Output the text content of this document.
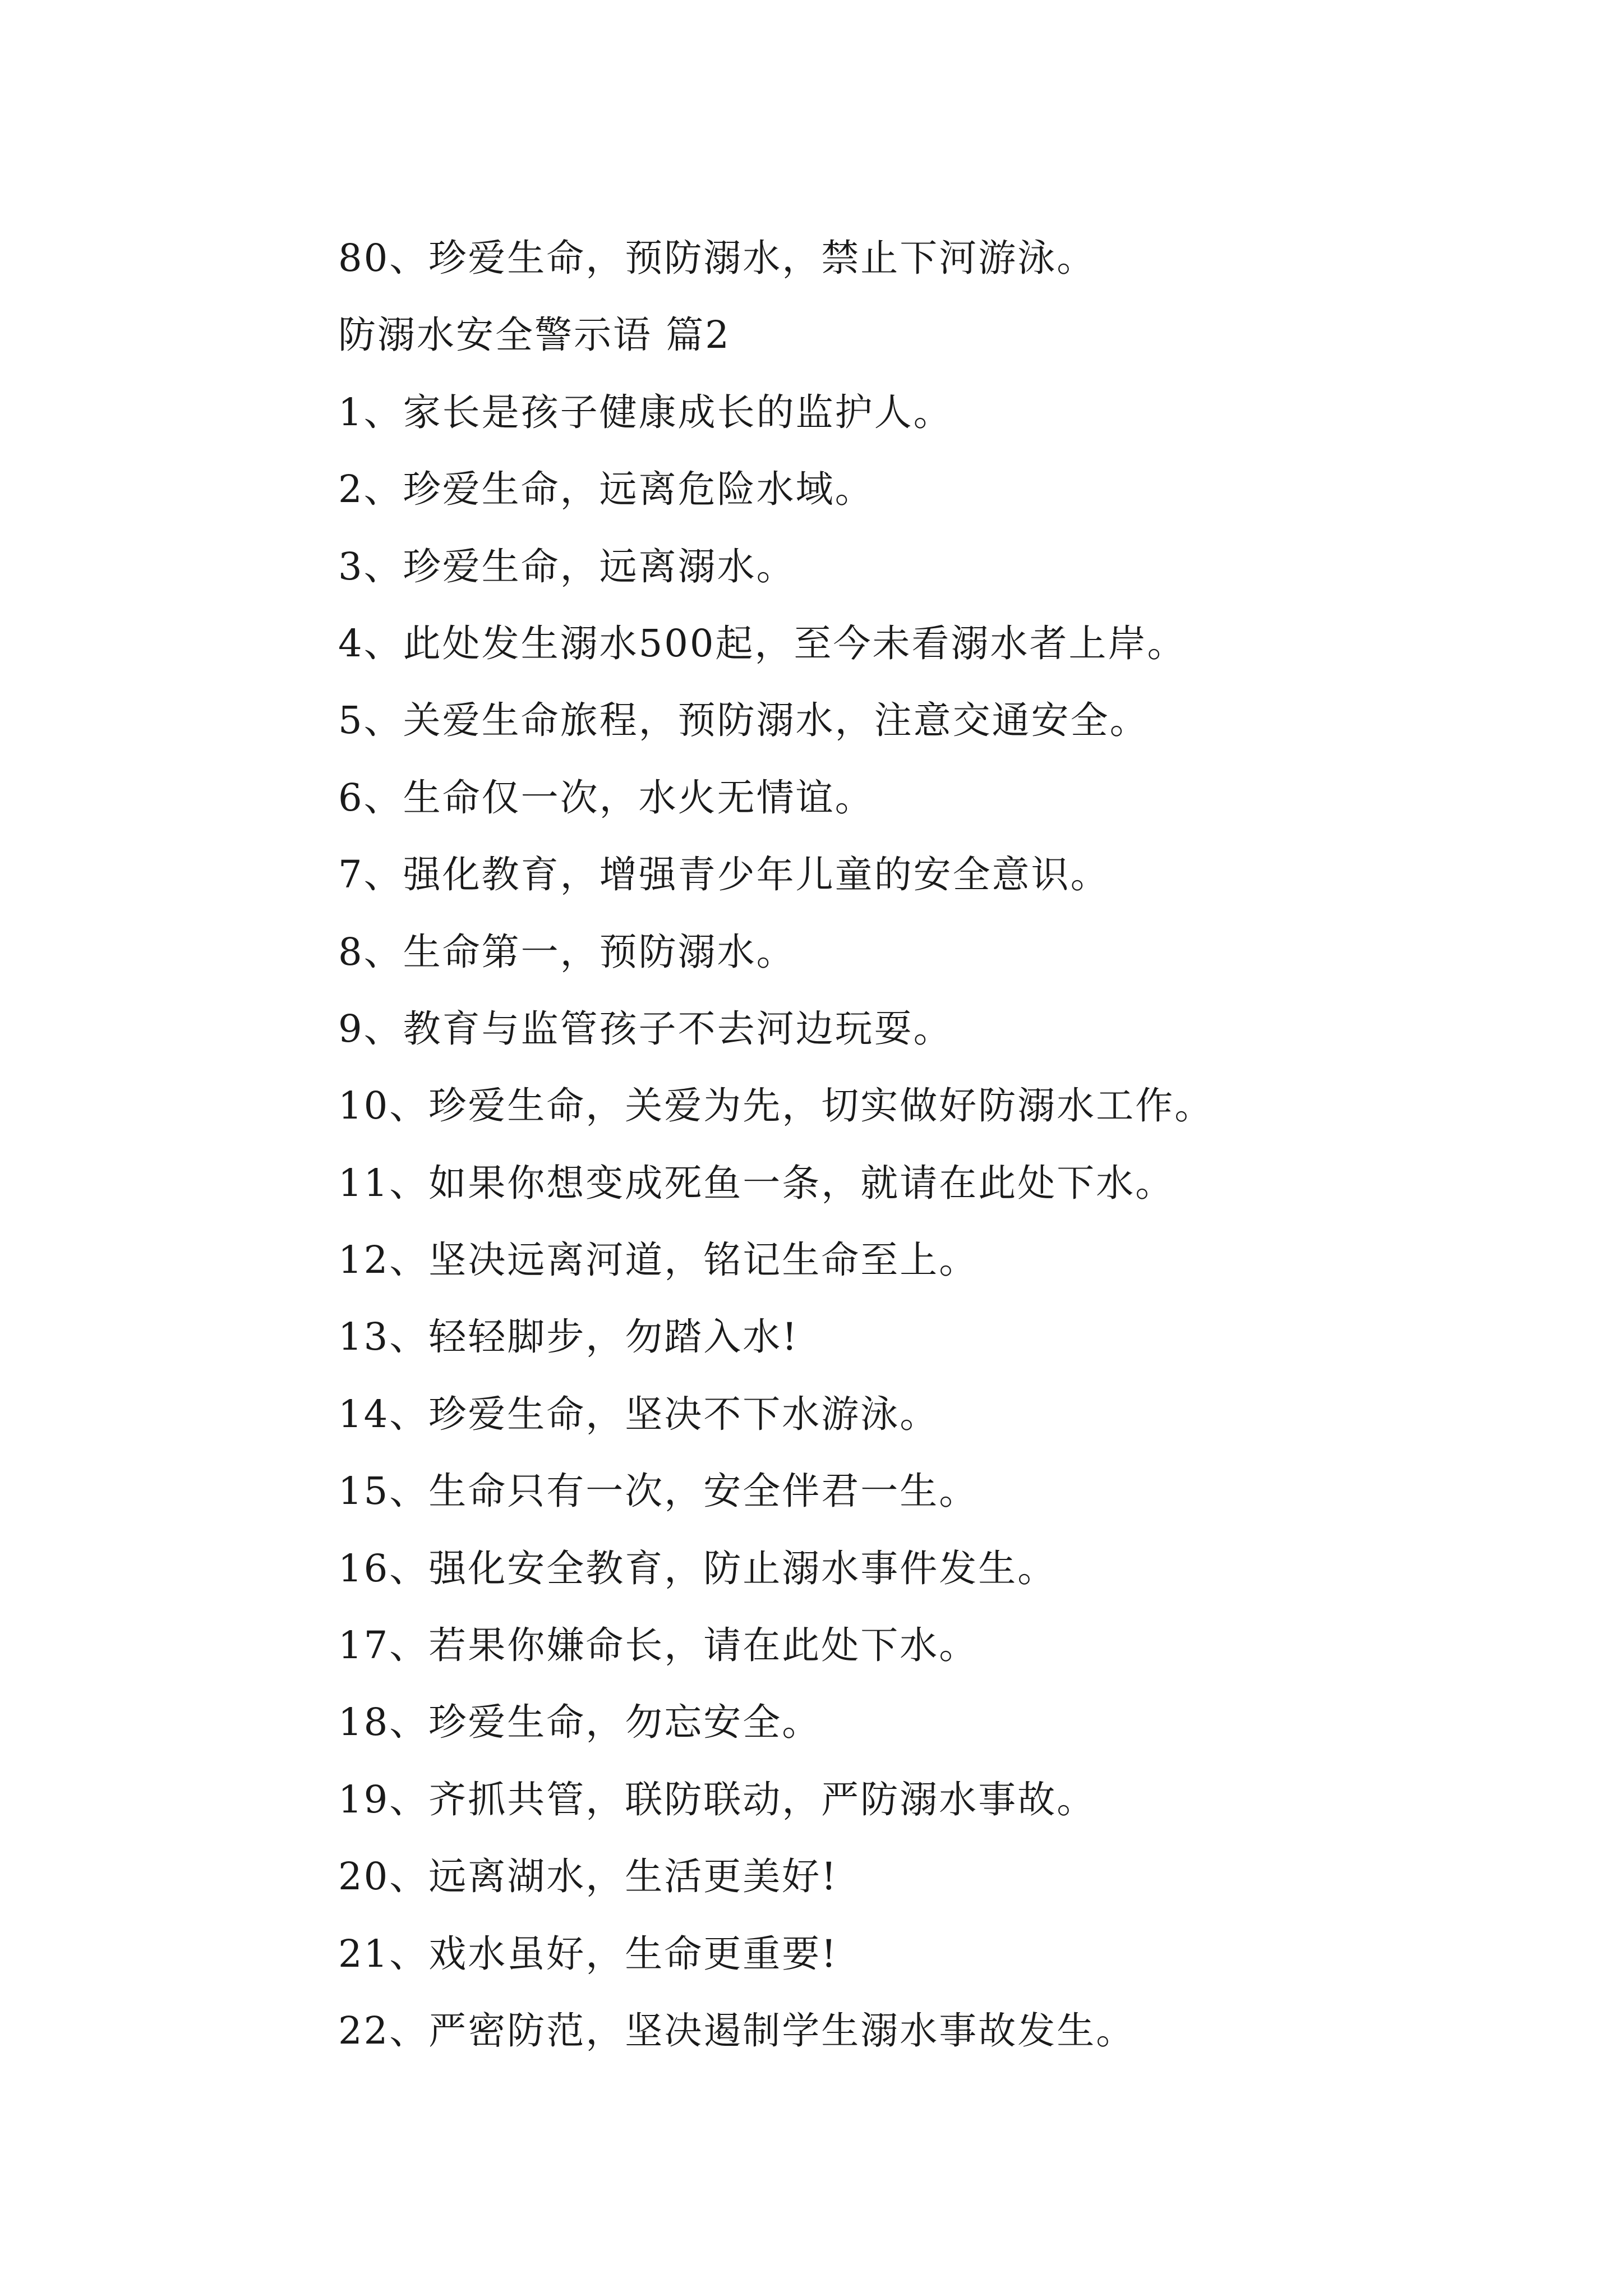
80、珍爱生命，预防溺水，禁止下河游泳。
防溺水安全警示语 篇2
1、家长是孩子健康成长的监护人。
2、珍爱生命，远离危险水域。
3、珍爱生命，远离溺水。
4、此处发生溺水500起，至今未看溺水者上岸。
5、关爱生命旅程，预防溺水，注意交通安全。
6、生命仅一次，水火无情谊。
7、强化教育，增强青少年儿童的安全意识。
8、生命第一，预防溺水。
9、教育与监管孩子不去河边玩耍。
10、珍爱生命，关爱为先，切实做好防溺水工作。
11、如果你想变成死鱼一条，就请在此处下水。
12、坚决远离河道，铭记生命至上。
13、轻轻脚步，勿踏入水!
14、珍爱生命，坚决不下水游泳。
15、生命只有一次，安全伴君一生。
16、强化安全教育，防止溺水事件发生。
17、若果你嫌命长，请在此处下水。
18、珍爱生命，勿忘安全。
19、齐抓共管，联防联动，严防溺水事故。
20、远离湖水，生活更美好!
21、戏水虽好，生命更重要!
22、严密防范，坚决遏制学生溺水事故发生。
